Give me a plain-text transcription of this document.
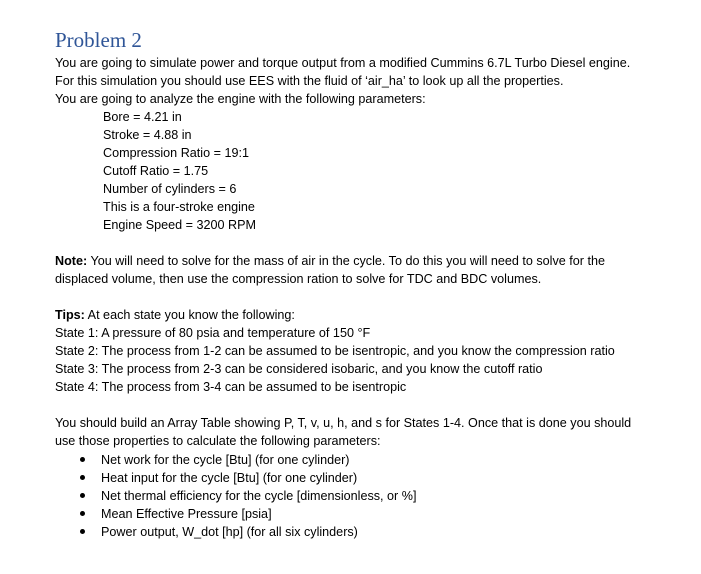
Problem 2
You are going to simulate power and torque output from a modified Cummins 6.7L Turbo Diesel engine.
For this simulation you should use EES with the fluid of ‘air_ha’ to look up all the properties.
You are going to analyze the engine with the following parameters:
Bore = 4.21 in
Stroke = 4.88 in
Compression Ratio = 19:1
Cutoff Ratio = 1.75
Number of cylinders = 6
This is a four-stroke engine
Engine Speed = 3200 RPM
Note: You will need to solve for the mass of air in the cycle. To do this you will need to solve for the
displaced volume, then use the compression ration to solve for TDC and BDC volumes.
Tips: At each state you know the following:
State 1: A pressure of 80 psia and temperature of 150 °F
State 2: The process from 1-2 can be assumed to be isentropic, and you know the compression ratio
State 3: The process from 2-3 can be considered isobaric, and you know the cutoff ratio
State 4: The process from 3-4 can be assumed to be isentropic
You should build an Array Table showing P, T, v, u, h, and s for States 1-4. Once that is done you should
use those properties to calculate the following parameters:
Net work for the cycle [Btu] (for one cylinder)
Heat input for the cycle [Btu] (for one cylinder)
Net thermal efficiency for the cycle [dimensionless, or %]
Mean Effective Pressure [psia]
Power output, W_dot [hp] (for all six cylinders)
